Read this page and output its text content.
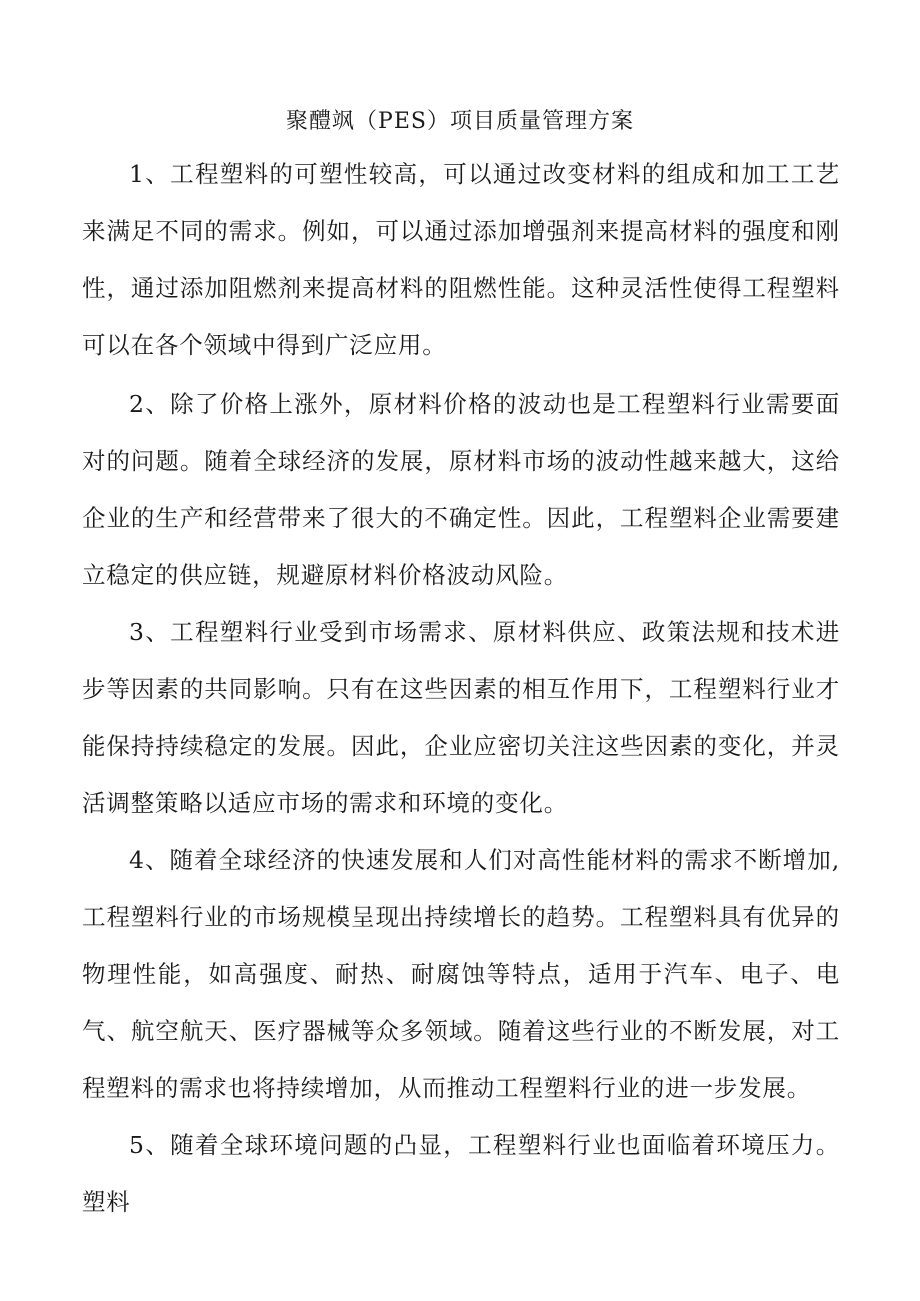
聚醴飒（PES）项目质量管理方案

1、工程塑料的可塑性较高，可以通过改变材料的组成和加工工艺来满足不同的需求。例如，可以通过添加增强剂来提高材料的强度和刚性，通过添加阻燃剂来提高材料的阻燃性能。这种灵活性使得工程塑料可以在各个领域中得到广泛应用。

2、除了价格上涨外，原材料价格的波动也是工程塑料行业需要面对的问题。随着全球经济的发展，原材料市场的波动性越来越大，这给企业的生产和经营带来了很大的不确定性。因此，工程塑料企业需要建立稳定的供应链，规避原材料价格波动风险。

3、工程塑料行业受到市场需求、原材料供应、政策法规和技术进步等因素的共同影响。只有在这些因素的相互作用下，工程塑料行业才能保持持续稳定的发展。因此，企业应密切关注这些因素的变化，并灵活调整策略以适应市场的需求和环境的变化。

4、随着全球经济的快速发展和人们对高性能材料的需求不断增加,工程塑料行业的市场规模呈现出持续增长的趋势。工程塑料具有优异的物理性能，如高强度、耐热、耐腐蚀等特点，适用于汽车、电子、电气、航空航天、医疗器械等众多领域。随着这些行业的不断发展，对工程塑料的需求也将持续增加，从而推动工程塑料行业的进一步发展。

5、随着全球环境问题的凸显，工程塑料行业也面临着环境压力。塑料
